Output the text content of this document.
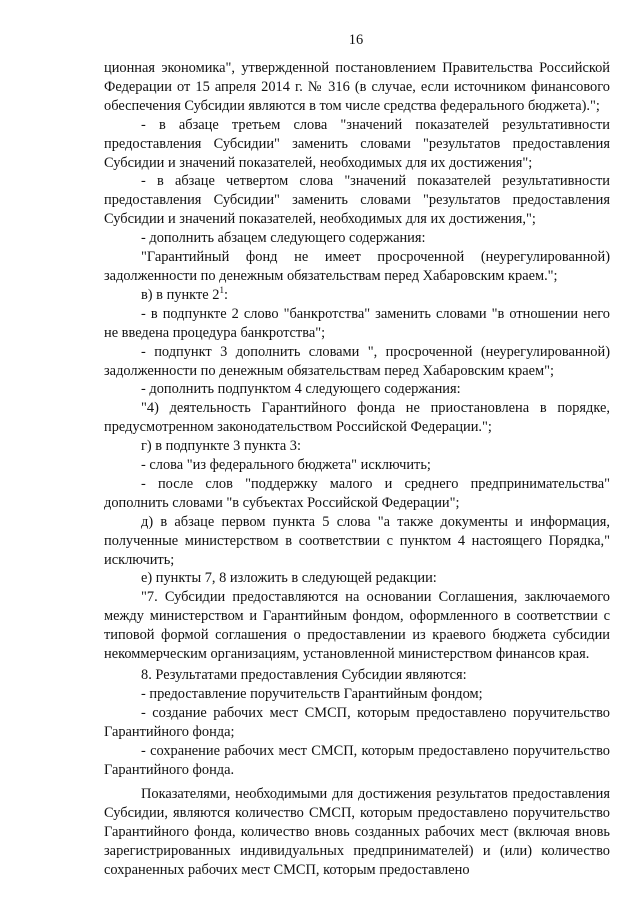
16

ционная экономика", утвержденной постановлением Правительства Российской Федерации от 15 апреля 2014 г. № 316 (в случае, если источником финансового обеспечения Субсидии являются в том числе средства федерального бюджета).";

- в абзаце третьем слова "значений показателей результативности предоставления Субсидии" заменить словами "результатов предоставления Субсидии и значений показателей, необходимых для их достижения";

- в абзаце четвертом слова "значений показателей результативности предоставления Субсидии" заменить словами "результатов предоставления Субсидии и значений показателей, необходимых для их достижения,";

- дополнить абзацем следующего содержания:

"Гарантийный фонд не имеет просроченной (неурегулированной) задолженности по денежным обязательствам перед Хабаровским краем.";

в) в пункте $2^1$:

- в подпункте 2 слово "банкротства" заменить словами "в отношении него не введена процедура банкротства";

- подпункт 3 дополнить словами ", просроченной (неурегулированной) задолженности по денежным обязательствам перед Хабаровским краем";

- дополнить подпунктом 4 следующего содержания:

"4) деятельность Гарантийного фонда не приостановлена в порядке, предусмотренном законодательством Российской Федерации.";

г) в подпункте 3 пункта 3:

- слова "из федерального бюджета" исключить;

- после слов "поддержку малого и среднего предпринимательства" дополнить словами "в субъектах Российской Федерации";

д) в абзаце первом пункта 5 слова "а также документы и информация, полученные министерством в соответствии с пунктом 4 настоящего Порядка," исключить;

е) пункты 7, 8 изложить в следующей редакции:

"7. Субсидии предоставляются на основании Соглашения, заключаемого между министерством и Гарантийным фондом, оформленного в соответствии с типовой формой соглашения о предоставлении из краевого бюджета субсидии некоммерческим организациям, установленной министерством финансов края.

8. Результатами предоставления Субсидии являются:

- предоставление поручительств Гарантийным фондом;

- создание рабочих мест СМСП, которым предоставлено поручительство Гарантийного фонда;

- сохранение рабочих мест СМСП, которым предоставлено поручительство Гарантийного фонда.

Показателями, необходимыми для достижения результатов предоставления Субсидии, являются количество СМСП, которым предоставлено поручительство Гарантийного фонда, количество вновь созданных рабочих мест (включая вновь зарегистрированных индивидуальных предпринимателей) и (или) количество сохраненных рабочих мест СМСП, которым предоставлено
